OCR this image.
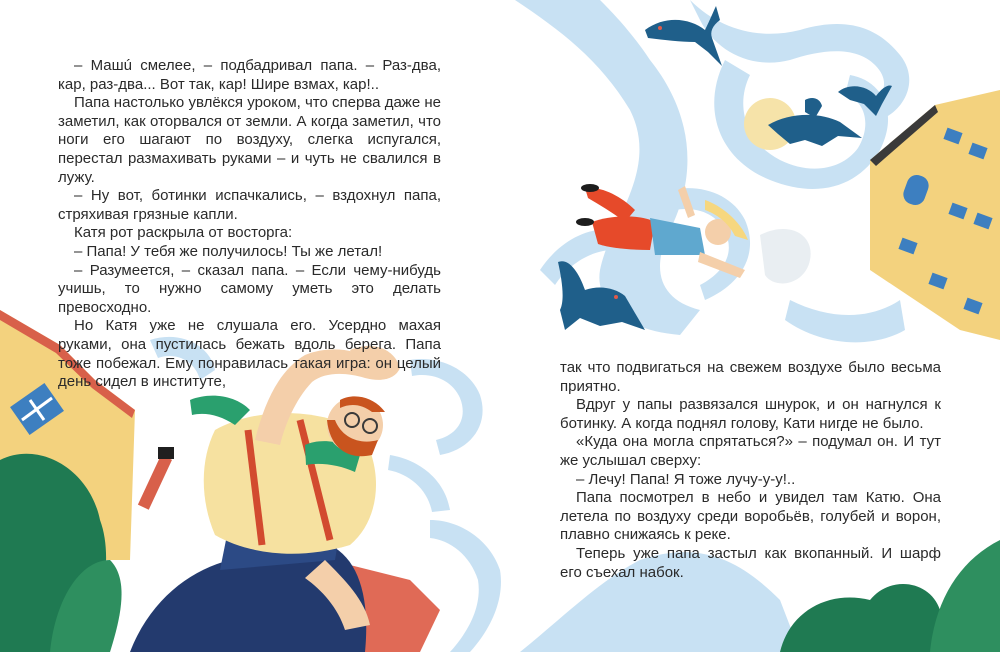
– Машú смелее, – подбадривал папа. – Раз-два, кар, раз-два... Вот так, кар! Шире взмах, кар!..

Папа настолько увлёкся уроком, что сперва даже не заметил, как оторвался от земли. А когда заметил, что ноги его шагают по воздуху, слегка испугался, перестал размахивать руками – и чуть не свалился в лужу.

– Ну вот, ботинки испачкались, – вздохнул папа, стряхивая грязные капли.

Катя рот раскрыла от восторга:

– Папа! У тебя же получилось! Ты же летал!

– Разумеется, – сказал папа. – Если чему-нибудь учишь, то нужно самому уметь это делать превосходно.

Но Катя уже не слушала его. Усердно махая руками, она пустилась бежать вдоль берега. Папа тоже побежал. Ему понравилась такая игра: он целый день сидел в институте,

так что подвигаться на свежем воздухе было весьма приятно.

Вдруг у папы развязался шнурок, и он нагнулся к ботинку. А когда поднял голову, Кати нигде не было.

«Куда она могла спрятаться?» – подумал он. И тут же услышал сверху:

– Лечу! Папа! Я тоже лучу-у-у!..

Папа посмотрел в небо и увидел там Катю. Она летела по воздуху среди воробьёв, голубей и ворон, плавно снижаясь к реке.

Теперь уже папа застыл как вкопанный. И шарф его съехал набок.
